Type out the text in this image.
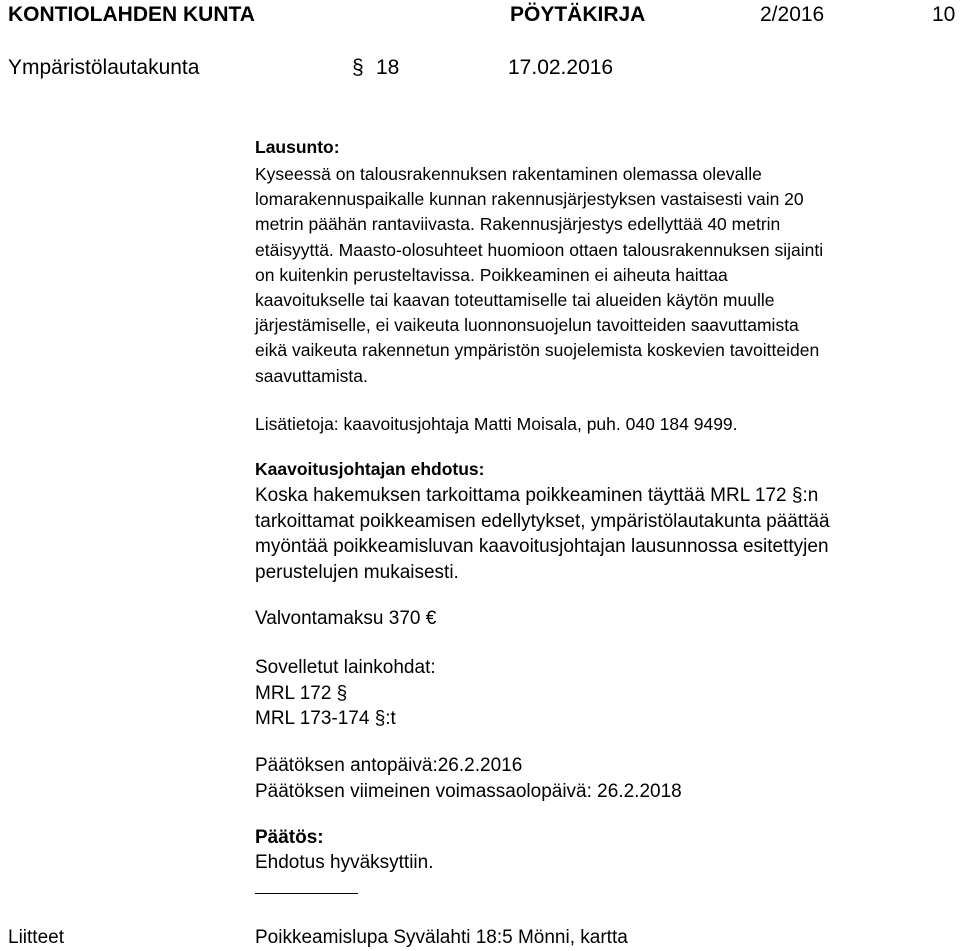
KONTIOLAHDEN KUNTA	PÖYTÄKIRJA	2/2016	10
Ympäristölautakunta	§ 18	17.02.2016
Lausunto:
Kyseessä on talousrakennuksen rakentaminen olemassa olevalle
lomarakennuspaikalle kunnan rakennusjärjestyksen vastaisesti vain 20
metrin päähän rantaviivasta. Rakennusjärjestys edellyttää 40 metrin
etäisyyttä. Maasto-olosuhteet huomioon ottaen talousrakennuksen sijainti
on kuitenkin perusteltavissa. Poikkeaminen ei aiheuta haittaa
kaavoitukselle tai kaavan toteuttamiselle tai alueiden käytön muulle
järjestämiselle, ei vaikeuta luonnonsuojelun tavoitteiden saavuttamista
eikä vaikeuta rakennetun ympäristön suojelemista koskevien tavoitteiden
saavuttamista.
Lisätietoja: kaavoitusjohtaja Matti Moisala, puh. 040 184 9499.
Kaavoitusjohtajan ehdotus:
Koska hakemuksen tarkoittama poikkeaminen täyttää MRL 172 §:n
tarkoittamat poikkeamisen edellytykset, ympäristölautakunta päättää
myöntää poikkeamisluvan kaavoitusjohtajan lausunnossa esitettyjen
perustelujen mukaisesti.
Valvontamaksu 370 €
Sovelletut lainkohdat:
MRL 172 §
MRL 173-174 §:t
Päätöksen antopäivä:26.2.2016
Päätöksen viimeinen voimassaolopäivä: 26.2.2018
Päätös:
Ehdotus hyväksyttiin.
Liitteet	Poikkeamislupa Syvälahti 18:5 Mönni, kartta
